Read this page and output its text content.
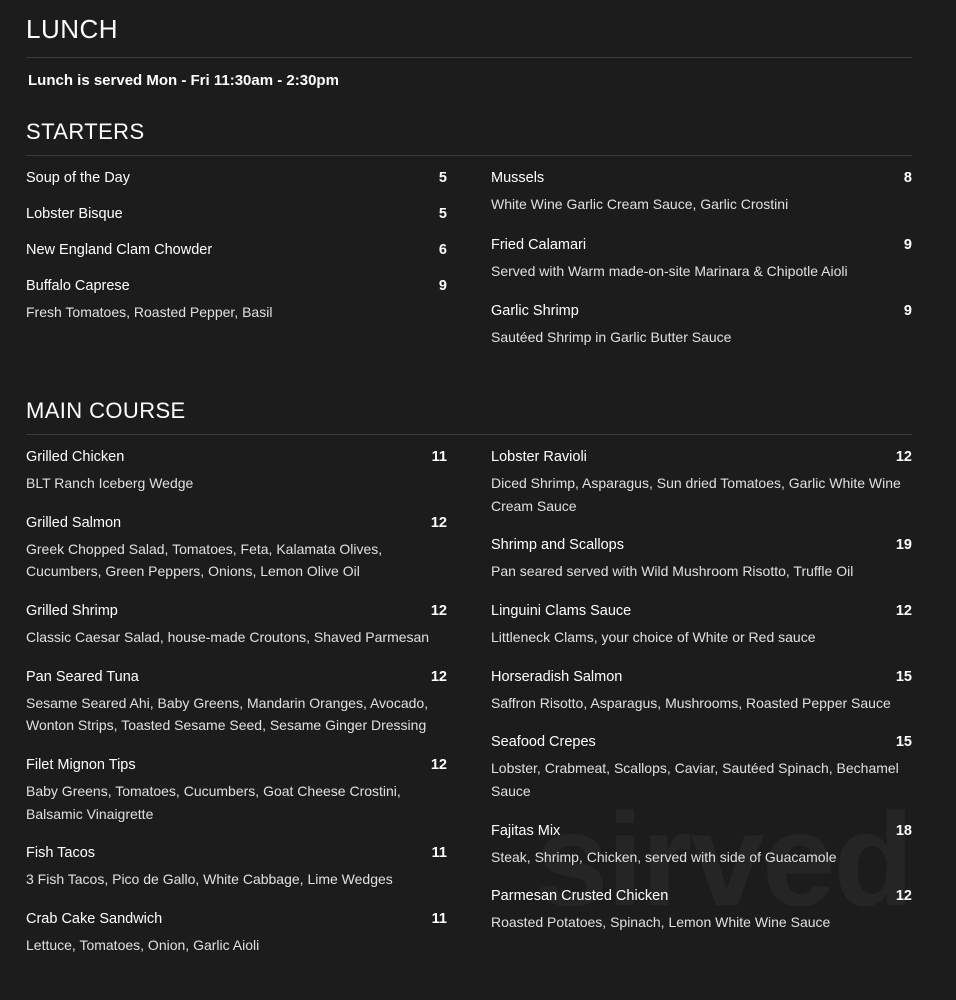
LUNCH
Lunch is served Mon - Fri 11:30am - 2:30pm
STARTERS
Soup of the Day	5
Lobster Bisque	5
New England Clam Chowder	6
Buffalo Caprese	9
Fresh Tomatoes, Roasted Pepper, Basil
Mussels	8
White Wine Garlic Cream Sauce, Garlic Crostini
Fried Calamari	9
Served with Warm made-on-site Marinara & Chipotle Aioli
Garlic Shrimp	9
Sautéed Shrimp in Garlic Butter Sauce
MAIN COURSE
Grilled Chicken	11
BLT Ranch Iceberg Wedge
Grilled Salmon	12
Greek Chopped Salad, Tomatoes, Feta, Kalamata Olives, Cucumbers, Green Peppers, Onions, Lemon Olive Oil
Grilled Shrimp	12
Classic Caesar Salad, house-made Croutons, Shaved Parmesan
Pan Seared Tuna	12
Sesame Seared Ahi, Baby Greens, Mandarin Oranges, Avocado, Wonton Strips, Toasted Sesame Seed, Sesame Ginger Dressing
Filet Mignon Tips	12
Baby Greens, Tomatoes, Cucumbers, Goat Cheese Crostini, Balsamic Vinaigrette
Fish Tacos	11
3 Fish Tacos, Pico de Gallo, White Cabbage, Lime Wedges
Crab Cake Sandwich	11
Lettuce, Tomatoes, Onion, Garlic Aioli
Lobster Ravioli	12
Diced Shrimp, Asparagus, Sun dried Tomatoes, Garlic White Wine Cream Sauce
Shrimp and Scallops	19
Pan seared served with Wild Mushroom Risotto, Truffle Oil
Linguini Clams Sauce	12
Littleneck Clams, your choice of White or Red sauce
Horseradish Salmon	15
Saffron Risotto, Asparagus, Mushrooms, Roasted Pepper Sauce
Seafood Crepes	15
Lobster, Crabmeat, Scallops, Caviar, Sautéed Spinach, Bechamel Sauce
Fajitas Mix	18
Steak, Shrimp, Chicken, served with side of Guacamole
Parmesan Crusted Chicken	12
Roasted Potatoes, Spinach, Lemon White Wine Sauce
